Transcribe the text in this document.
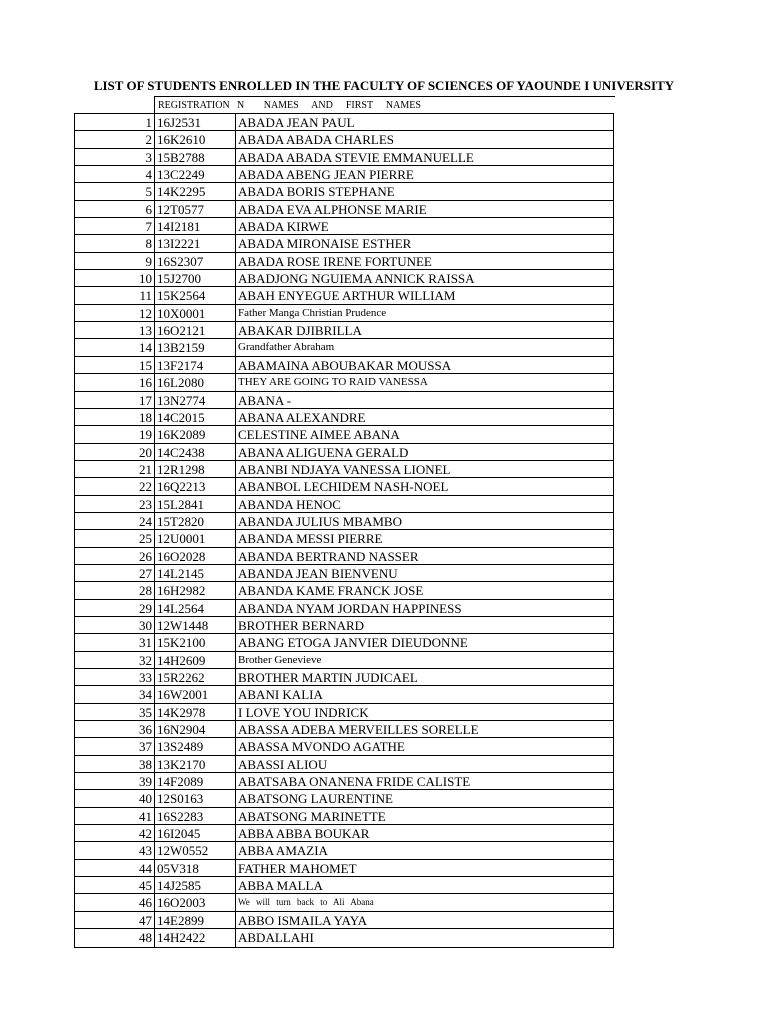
LIST OF STUDENTS ENROLLED IN THE FACULTY OF SCIENCES OF YAOUNDE I UNIVERSITY

REGISTRATION

N   NAMES  AND  FIRST  NAMES

1 16J2531	ABADA JEAN PAUL
2 16K2610	ABADA ABADA CHARLES
3 15B2788	ABADA ABADA STEVIE EMMANUELLE
4 13C2249	ABADA ABENG JEAN PIERRE
5 14K2295	ABADA BORIS STEPHANE
6 12T0577	ABADA EVA ALPHONSE MARIE
7 14I2181	ABADA KIRWE
8 13I2221	ABADA MIRONAISE ESTHER
9 16S2307	ABADA ROSE IRENE FORTUNEE
10 15J2700	ABADJONG NGUIEMA ANNICK RAISSA
11 15K2564	ABAH ENYEGUE ARTHUR WILLIAM
12 10X0001	Father Manga Christian Prudence
13 16O2121	ABAKAR DJIBRILLA
14 13B2159	Grandfather Abraham
15 13F2174	ABAMAINA ABOUBAKAR MOUSSA
16 16L2080	THEY ARE GOING TO RAID VANESSA
17 13N2774	ABANA -
18 14C2015	ABANA ALEXANDRE
19 16K2089	CELESTINE AIMEE ABANA
20 14C2438	ABANA ALIGUENA GERALD
21 12R1298	ABANBI NDJAYA VANESSA LIONEL
22 16Q2213	ABANBOL LECHIDEM NASH-NOEL
23 15L2841	ABANDA HENOC
24 15T2820	ABANDA JULIUS MBAMBO
25 12U0001	ABANDA MESSI PIERRE
26 16O2028	ABANDA BERTRAND NASSER
27 14L2145	ABANDA JEAN BIENVENU
28 16H2982	ABANDA KAME FRANCK JOSE
29 14L2564	ABANDA NYAM JORDAN HAPPINESS
30 12W1448	BROTHER BERNARD
31 15K2100	ABANG ETOGA JANVIER DIEUDONNE
32 14H2609	Brother Genevieve
33 15R2262	BROTHER MARTIN JUDICAEL
34 16W2001	ABANI KALIA
35 14K2978	I LOVE YOU INDRICK
36 16N2904	ABASSA ADEBA MERVEILLES SORELLE
37 13S2489	ABASSA MVONDO AGATHE
38 13K2170	ABASSI ALIOU
39 14F2089	ABATSABA ONANENA FRIDE CALISTE
40 12S0163	ABATSONG LAURENTINE
41 16S2283	ABATSONG MARINETTE
42 16I2045	ABBA ABBA BOUKAR
43 12W0552	ABBA AMAZIA
44 05V318	FATHER MAHOMET
45 14J2585	ABBA MALLA
46 16O2003	We will turn back to Ali Abana
47 14E2899	ABBO ISMAILA YAYA
48 14H2422	ABDALLAHI
